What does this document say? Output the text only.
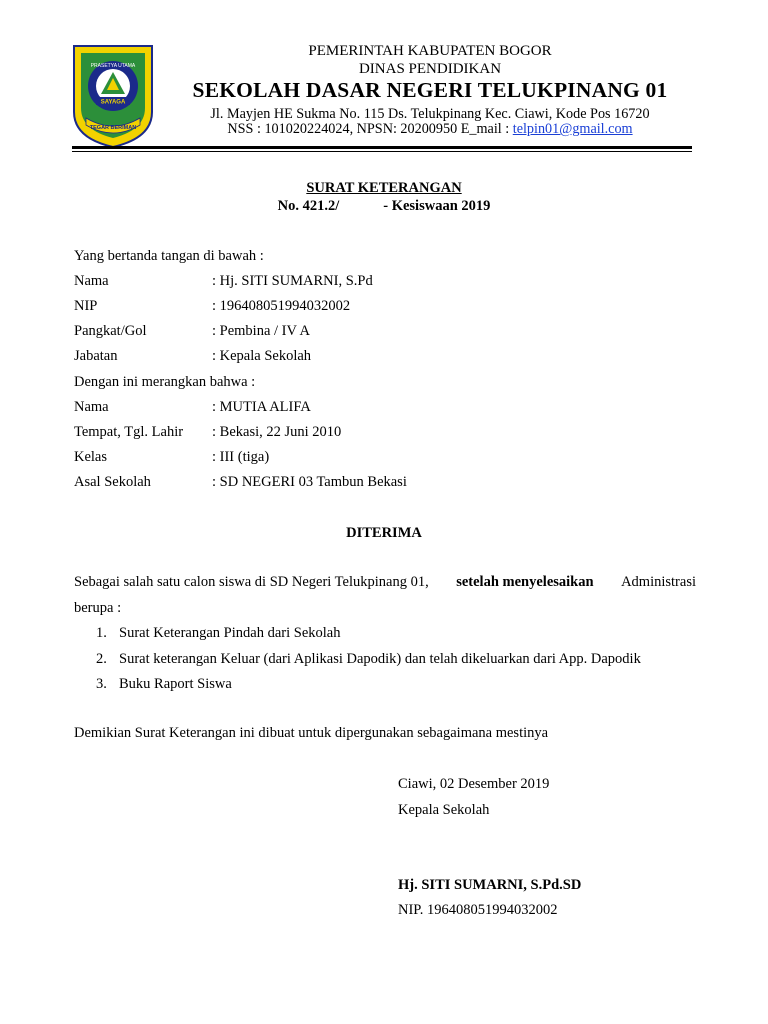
PRASETYA UTAMA
SAYAGA
TEGAR BERIMAN
PEMERINTAH KABUPATEN BOGOR
DINAS PENDIDIKAN
SEKOLAH DASAR NEGERI TELUKPINANG 01
Jl. Mayjen HE Sukma No. 115 Ds. Telukpinang Kec. Ciawi, Kode Pos 16720
NSS : 101020224024, NPSN: 20200950 E_mail : telpin01@gmail.com
SURAT KETERANGAN
No. 421.2/	- Kesiswaan 2019
Yang bertanda tangan di bawah :
Nama	: Hj. SITI SUMARNI, S.Pd
NIP	: 196408051994032002
Pangkat/Gol	: Pembina / IV A
Jabatan	: Kepala Sekolah
Dengan ini merangkan bahwa :
Nama	: MUTIA ALIFA
Tempat, Tgl. Lahir : Bekasi, 22 Juni 2010
Kelas	: III (tiga)
Asal Sekolah	: SD NEGERI 03 Tambun Bekasi
DITERIMA
Sebagai salah satu calon siswa di SD Negeri Telukpinang 01, setelah menyelesaikan Administrasi
berupa :
1. Surat Keterangan Pindah dari Sekolah
2. Surat keterangan Keluar (dari Aplikasi Dapodik) dan telah dikeluarkan dari App. Dapodik
3. Buku Raport Siswa
Demikian Surat Keterangan ini dibuat untuk dipergunakan sebagaimana mestinya
Ciawi, 02 Desember 2019
Kepala Sekolah
Hj. SITI SUMARNI, S.Pd.SD
NIP. 196408051994032002
